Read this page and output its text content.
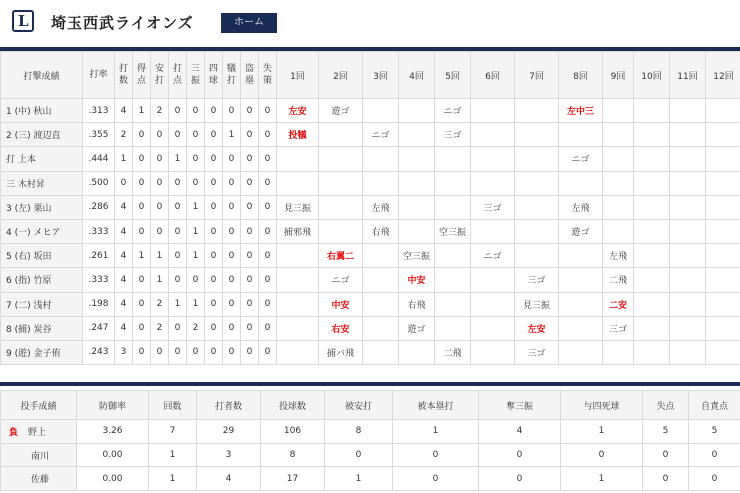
L 埼玉西武ライオンズ	ホーム
打撃成績	打率	打数	得点	安打	打点	三振	四球	犠打	盗塁	失策	1回	2回	3回	4回	5回	6回	7回	8回	9回	10回	11回	12回
1 (中) 秋山	.313	4	1	2	0	0	0	0	0	0	左安	遊ゴ			ニゴ			左中三				
2 (三) 渡辺直	.355	2	0	0	0	0	0	1	0	0	投犠		ニゴ		三ゴ							
打 上本	.444	1	0	0	1	0	0	0	0	0								ニゴ				
三 木村昇	.500	0	0	0	0	0	0	0	0	0												
3 (左) 栗山	.286	4	0	0	0	1	0	0	0	0	見三振		左飛			三ゴ		左飛				
4 (一) メヒア	.333	4	0	0	0	1	0	0	0	0	捕邪飛		右飛		空三振			遊ゴ				
5 (右) 坂田	.261	4	1	1	0	1	0	0	0	0		右翼二		空三振		ニゴ			左飛			
6 (指) 竹原	.333	4	0	1	0	0	0	0	0	0		ニゴ		中安			三ゴ		二飛			
7 (二) 浅村	.198	4	0	2	1	1	0	0	0	0		中安		右飛			見三振		二安			
8 (捕) 炭谷	.247	4	0	2	0	2	0	0	0	0		右安		遊ゴ			左安		三ゴ			
9 (遊) 金子侑	.243	3	0	0	0	0	0	0	0	0		捕バ飛			二飛		三ゴ					
投手成績	防御率	回数	打者数	投球数	被安打	被本塁打	奪三振	与四死球	失点	自責点
負 野上	3.26	7	29	106	8	1	4	1	5	5
南川	0.00	1	3	8	0	0	0	0	0	0
佐藤	0.00	1	4	17	1	0	0	1	0	0
